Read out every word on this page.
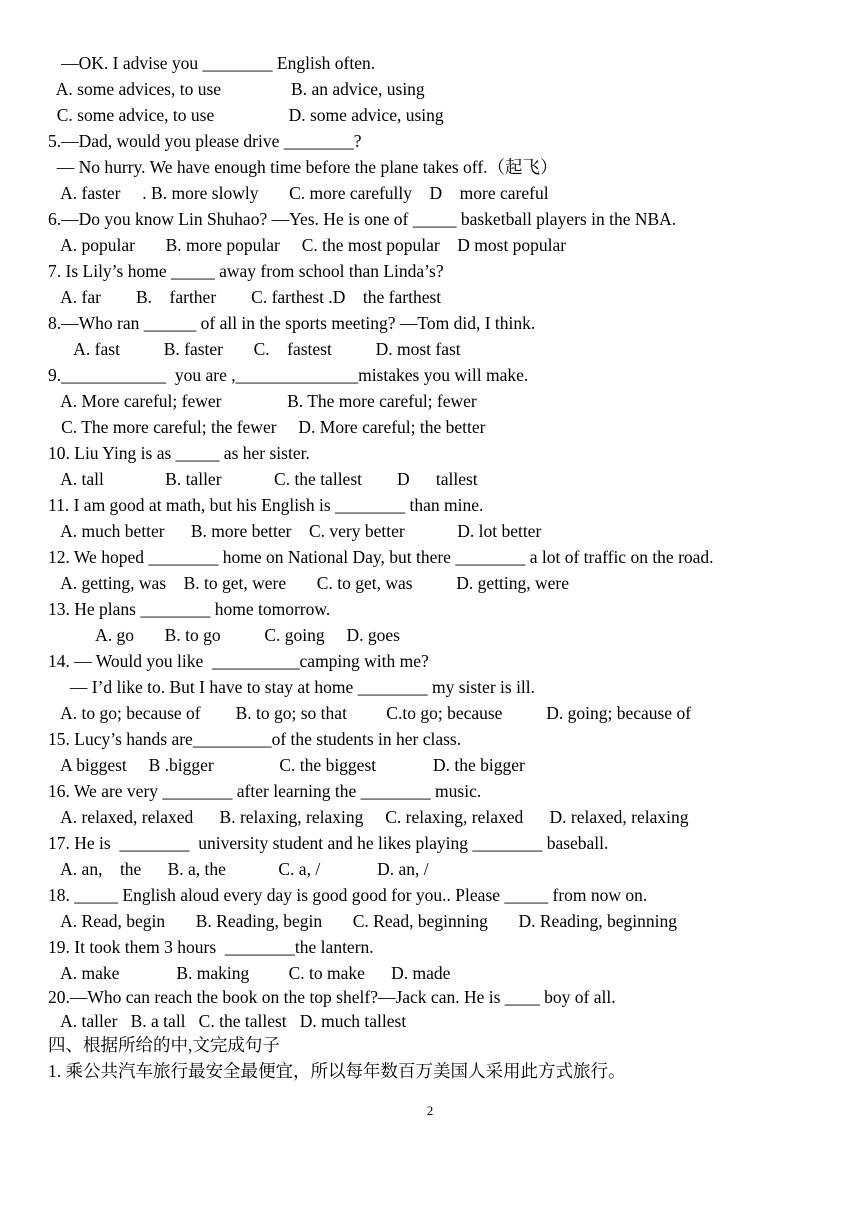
—OK. I advise you ________ English often.
A. some advices, to use                B. an advice, using
C. some advice, to use                 D. some advice, using
5.—Dad, would you please drive ________?
— No hurry. We have enough time before the plane takes off.（起飞）
A. faster     . B. more slowly       C. more carefully    D    more careful
6.—Do you know Lin Shuhao? —Yes. He is one of _____ basketball players in the NBA.
A. popular       B. more popular     C. the most popular    D most popular
7. Is Lily’s home _____ away from school than Linda’s?
A. far        B.    farther        C. farthest .D    the farthest
8.—Who ran ______ of all in the sports meeting? —Tom did, I think.
A. fast          B. faster       C.    fastest          D. most fast
9.____________  you are ,______________mistakes you will make.
A. More careful; fewer               B. The more careful; fewer
C. The more careful; the fewer     D. More careful; the better
10. Liu Ying is as _____ as her sister.
A. tall              B. taller            C. the tallest        D      tallest
11. I am good at math, but his English is ________ than mine.
A. much better      B. more better    C. very better            D. lot better
12. We hoped ________ home on National Day, but there ________ a lot of traffic on the road.
A. getting, was    B. to get, were       C. to get, was          D. getting, were
13. He plans ________ home tomorrow.
A. go       B. to go          C. going     D. goes
14. — Would you like  __________camping with me?
— I’d like to. But I have to stay at home ________ my sister is ill.
A. to go; because of        B. to go; so that         C.to go; because          D. going; because of
15. Lucy’s hands are_________of the students in her class.
A biggest     B .bigger               C. the biggest             D. the bigger
16. We are very ________ after learning the ________ music.
A. relaxed, relaxed      B. relaxing, relaxing     C. relaxing, relaxed      D. relaxed, relaxing
17. He is  ________  university student and he likes playing ________ baseball.
A. an,    the      B. a, the            C. a, /             D. an, /
18. _____ English aloud every day is good good for you.. Please _____ from now on.
A. Read, begin       B. Reading, begin       C. Read, beginning       D. Reading, beginning
19. It took them 3 hours  ________the lantern.
A. make             B. making         C. to make      D. made
20.—Who can reach the book on the top shelf?—Jack can. He is ____ boy of all.
A. taller   B. a tall   C. the tallest   D. much tallest
四、根据所给的中,文完成句子
1. 乘公共汽车旅行最安全最便宜，所以每年数百万美国人采用此方式旅行。
2
